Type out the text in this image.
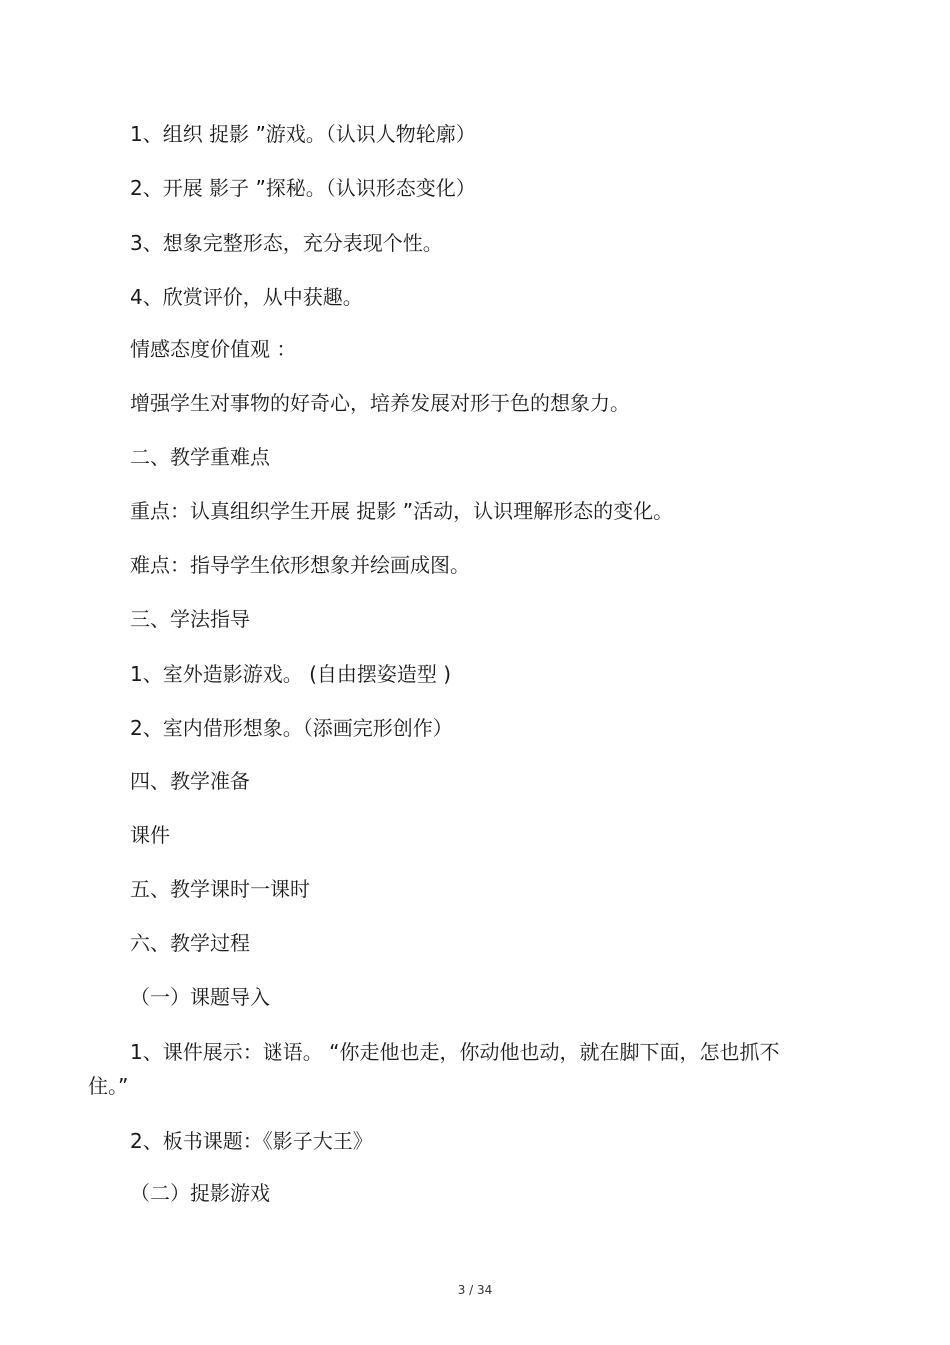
1、组织 捉影 ”游戏。（认识人物轮廓）
2、开展 影子 ”探秘。（认识形态变化）
3、想象完整形态，充分表现个性。
4、欣赏评价，从中获趣。
情感态度价值观 ：
增强学生对事物的好奇心，培养发展对形于色的想象力。
二、教学重难点
重点：认真组织学生开展 捉影 ”活动，认识理解形态的变化。
难点：指导学生依形想象并绘画成图。
三、学法指导
1、室外造影游戏。 (自由摆姿造型 )
2、室内借形想象。（添画完形创作）
四、教学准备
课件
五、教学课时一课时
六、教学过程
（一）课题导入
1、课件展示：谜语。 “你走他也走，你动他也动，就在脚下面，怎也抓不
住。”
2、板书课题：《影子大王》
（二）捉影游戏
3 / 34
